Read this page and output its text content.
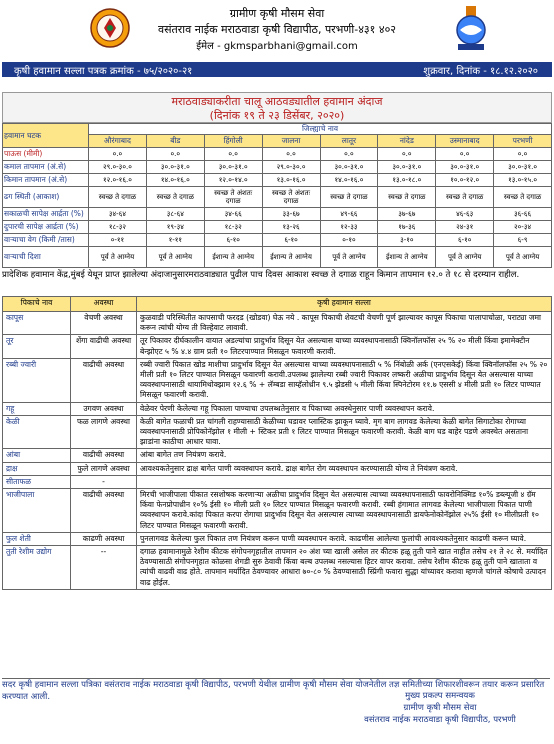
ग्रामीण कृषी मौसम सेवा
वसंतराव नाईक मराठवाडा कृषी विद्यापीठ, परभणी-४३१ ४०२
ईमेल - gkmsparbhani@gmail.com
कृषी हवामान सल्ला पत्रक क्रमांक - ७५/२०२०-२१	शुक्रवार, दिनांक - १८.१२.२०२०
मराठवाड्याकरीता चालू आठवड्यातील हवामान अंदाज
(दिनांक १९ ते २३ डिसेंबर, २०२०)
हवामान घटक	जिल्ह्याचे नाव							
	औरंगाबाद	बीड	हिंगोली	जालना	लातूर	नांदेड	उस्मानाबाद	परभणी
पाऊस (मीमी)	०.०	०.०	०.०	०.०	०.०	०.०	०.०	०.०
कमाल तापमान (अं.से)	२९.०-३०.०	३०.०-३१.०	३०.०-३१.०	२९.०-३०.०	३०.०-३१.०	३०.०-३१.०	३०.०-३१.०	३०.०-३१.०
किमान तापमान (अं.से)	१२.०-१६.०	१४.०-१६.०	१२.०-१४.०	१३.०-१६.०	१४.०-१६.०	१३.०-१८.०	१०.०-१२.०	१३.०-१५.०
ढग स्थिती (आकाश)	स्वच्छ ते दगाळ	स्वच्छ ते दगाळ	स्वच्छ ते अंशतः दगाळ	स्वच्छ ते अंशतः दगाळ	स्वच्छ ते दगाळ	स्वच्छ ते दगाळ	स्वच्छ ते दगाळ	स्वच्छ ते दगाळ
सकाळची सापेक्ष आर्द्रता (%)	३४-६४	३८-६४	३४-६६	३३-६७	४९-६६	३७-६७	४६-६३	३६-६६
दुपारची सापेक्ष आर्द्रता (%)	१८-३२	१९-३४	१८-३२	१३-२६	१२-३३	१७-३६	२४-३१	२०-३४
वाऱ्याचा वेग (किमी /तास)	०-११	१-११	६-१०	६-१०	०-१०	३-१०	६-१०	६-९
वाऱ्याची दिशा	पूर्व ते आग्नेय	पूर्व ते आग्नेय	ईशान्य ते आग्नेय	ईशान्य ते आग्नेय	पूर्व ते आग्नेय	ईशान्य ते आग्नेय	पूर्व ते आग्नेय	पूर्व ते आग्नेय
प्रादेशिक हवामान केंद्र,मुंबई येथून प्राप्त झालेल्या अंदाजानुसारमराठवाड्यात पुढील पाच दिवस आकाश स्वच्छ ते दगाळ राहून किमान तापमान १२.० ते १८ से दरम्यान राहील.
पिकाचे नाव	अवस्था	कृषी हवामान सल्ला
कापूस	वेचणी अवस्था	कुळवाडी परिस्थितीत कापसाची फरदड (खोडवा) घेऊ नये . कापूस पिकाची शेवटची वेचणी पूर्ण झाल्यावर कापूस पिकाचा पालापाचोळा, पराट्या जमा करून त्यांची योग्य ती विल्हेवाट लावावी.
तूर	शेंगा वाढीची अवस्था	तूर पिकावर दीर्घकालीन वायात अडल्यांचा प्रादुर्भाव दिसून येत असल्यास याच्या व्यवस्थापनासाठी क्विनॉलफॉस २५ % २० मीली किंवा इमामेक्टीन बेन्झोएट ५ % ४.४ ग्राम प्रती १० लिटरपाण्यात मिसळून फवारणी करावी.
रब्बी ज्वारी	वाढीची अवस्था	रब्बी ज्वारी पिकात खोड माशीचा प्रादुर्भाव दिसून येत असल्यास याच्या व्यवस्थापनासाठी ५ % निंबोळी अर्क (एनएसकेई) किंवा क्विनॉलफॉस २५ % २० मीली प्रती १० लिटर पाण्यात मिसळून फवारणी करावी.उपलब्ध झालेल्या रब्बी ज्वारी पिकावर लष्करी अळीचा प्रादुर्भाव दिसून येत असल्यास याच्या व्यवस्थापनासाठी थायामिथोक्झाम १२.६ % + लॅम्बडा साय्हॅलोथ्रीन ९.५ झेडसी ५ मीली किंवा स्पिनेटोरम ११.७ एससी ४ मीली प्रती १० लिटर पाण्यात मिसळून फवारणी करावी.
गहू	उगवण अवस्था	वेळेवर पेरणी केलेल्या गहू पिकाला पाण्याचा उपलब्धतेनुसार व पिकाच्या अवस्थेनुसार पाणी व्यवस्थापन करावे.
केळी	फळ लागणे अवस्था	केळी बागेत फळाची प्रत चांगली राहण्यासाठी केळीच्या घडावर प्लास्टिक झाकून घ्यावे. मृग बाग लागवड केलेल्या केळी बागेत सिगाटोका रोगाच्या व्यवस्थापनासाठी प्रोपिकोनॅझोल १ मीली + स्टिकर प्रती १ लिटर पाण्यात मिसळून फवारणी करावी. केळी बाग घड बाहेर पडणे अवस्थेत असताना झाडांना काठीचा आधार घावा.
आंबा	वाढीची अवस्था	आंबा बागेत तण नियंत्रण करावे.
द्राक्ष	फुले लागणे अवस्था	आवश्यकतेनुसार द्राक्ष बागेत पाणी व्यवस्थापन करावे. द्राक्ष बागेत रोग व्यवस्थापन करण्यासाठी योग्य ते नियंत्रण करावे.
सीताफळ	-	
भाजीपाला	वाढीची अवस्था	मिरची भाजीपाला पीकात रसशोषक करणाऱ्या अळीचा प्रादुर्भाव दिसून येत असल्यास त्याच्या व्यवस्थापनासाठी फावरोनिक्मिड १०% डब्ल्यूजी ४ ग्रॅम किंवा फेनप्रोपाथ्रीन १०% ईसी १० मीली प्रती १० लिटर पाण्यात मिसळून फवारणी करावी. रब्बी हंगामात लागवड केलेल्या भाजीपाला पिकात पाणी व्यवस्थापन करावे.कांदा पिकात करपा रोगाचा प्रादुर्भाव दिसून येत असल्यास त्याच्या व्यवस्थापनासाठी डायफेनोकोनॅझोल २५% ईसी १० मीलीप्रती १० लिटर पाण्यात मिसळून फवारणी करावी.
फुल शेती	काढणी अवस्था	पुनलागवड केलेल्या फुल पिकात तण नियंत्रण करून पाणी व्यवस्थापन करावे. काढणीस आलेल्या फुलांची आवश्यकतेनुसार काढणी करून घ्यावे.
तुती रेशीम उद्योग	--	दगाळ हवामानामुळे रेशीम कीटक संगोपनगृहातील तापमान २० अंश च्या खाली असेल तर कीटक हळू तुती पाने खात नाहीत तसेच २१ ते २८ से. मर्यादित ठेवण्यासाठी संगोपनगृहात कोळसा शेगडी सुरु ठेवावी किंवा बल्ब उपलब्ध नसल्यास हिटर वापर करावा. तसेच रेशीम कीटक हळू तुती पाने खाताता व त्यांची वाढवी वाढ होते. तापमान मर्यादित ठेवण्यावर आधारा ७०-८० % ठेवण्यासाठी स्प्रिंगी फवारा सुद्धा यांच्यावर करावा म्हणजे चांगले कोषाचे उत्पादन वाढ होईल.
सदर कृषी हवामान सल्ला पत्रिका वसंतराव नाईक मराठवाडा कृषी विद्यापीठ, परभणी येथील ग्रामीण कृषी मौसम सेवा योजनेतील तज्ञ समितीच्या शिफारशीवरून तयार करून प्रसारित करण्यात आली.	मुख्य प्रकल्प समन्वयक
ग्रामीण कृषी मौसम सेवा
वसंतराव नाईक मराठवाडा कृषी विद्यापीठ, परभणी
